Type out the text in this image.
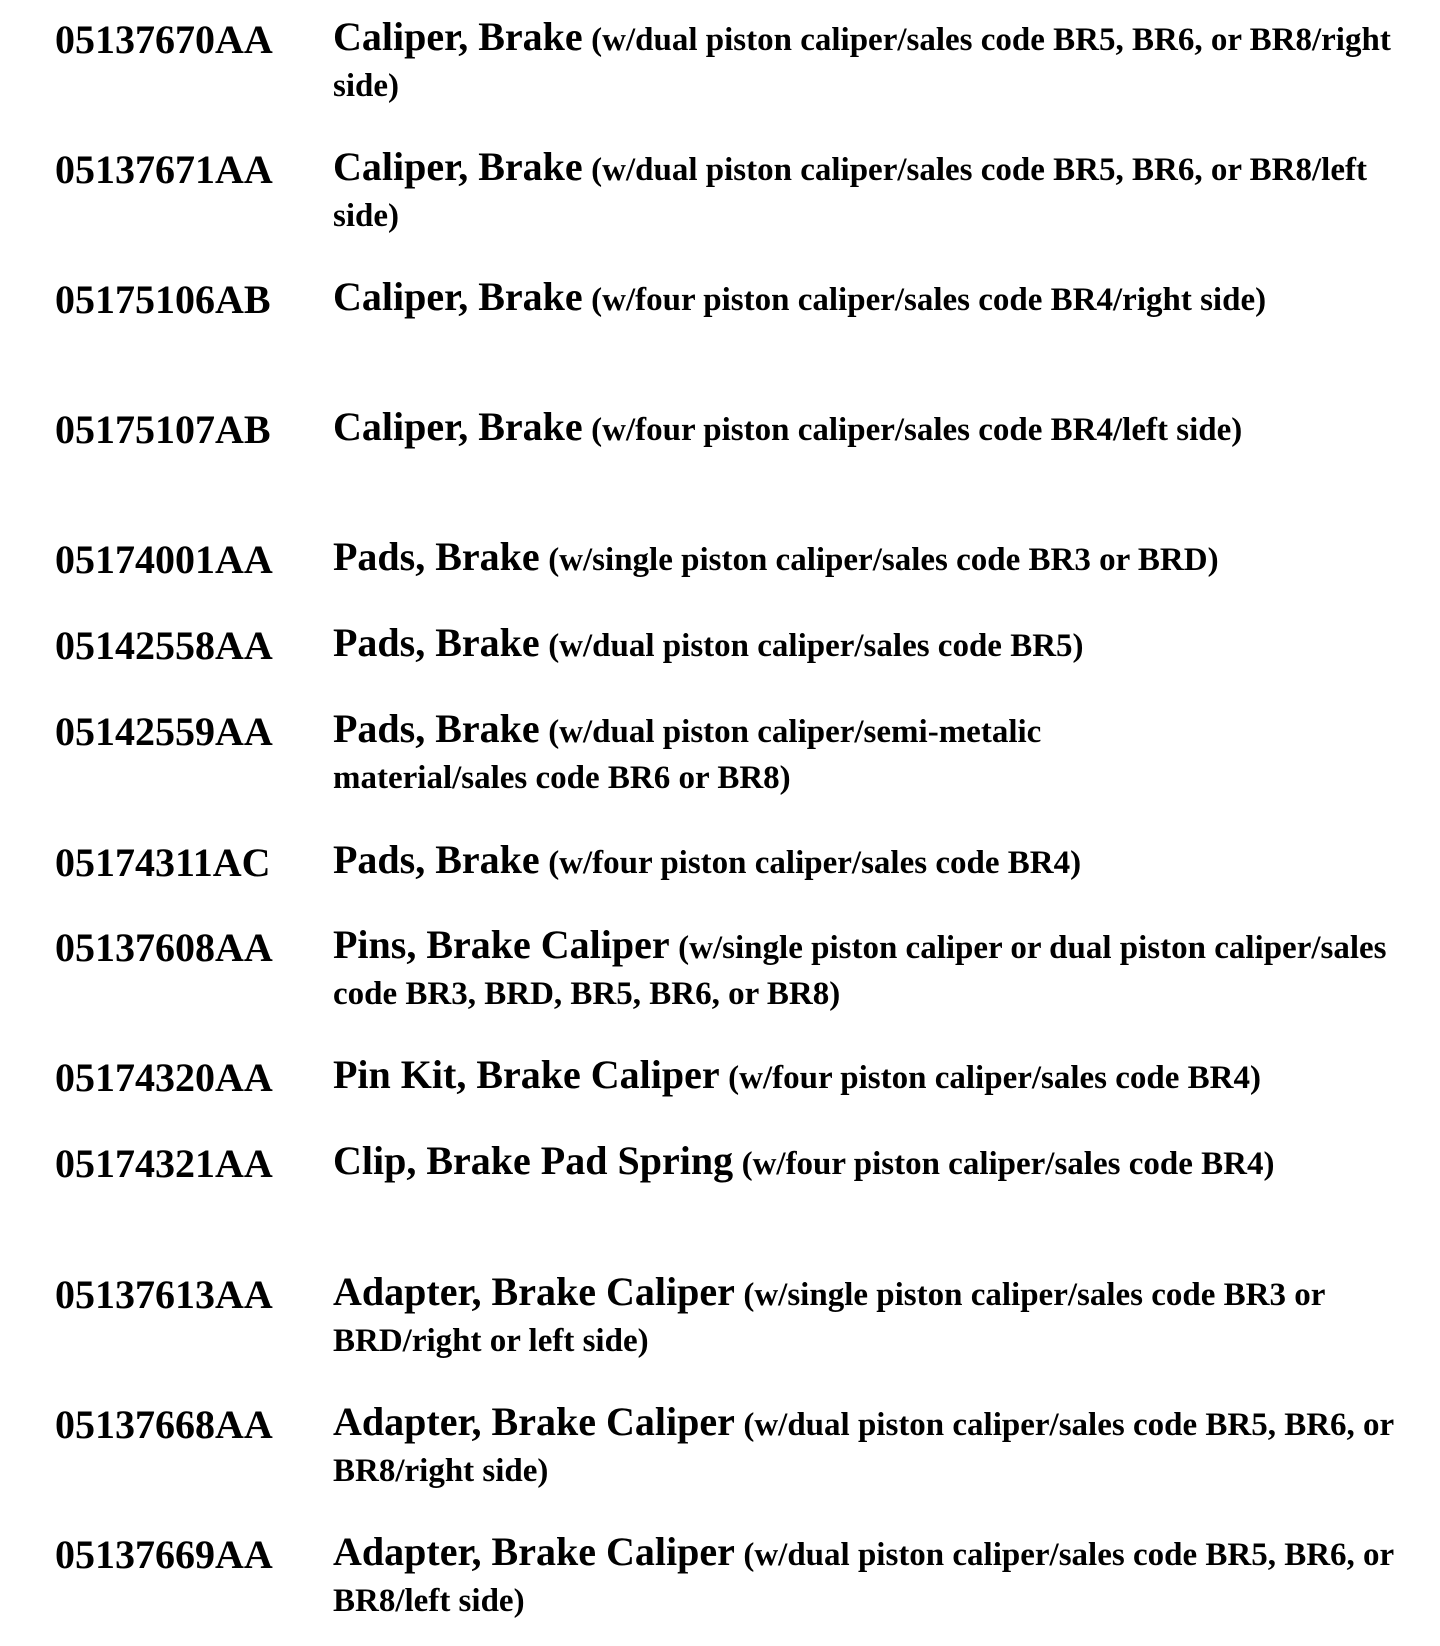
05137670AA Caliper, Brake (w/dual piston caliper/sales code BR5, BR6, or BR8/right side)
05137671AA Caliper, Brake (w/dual piston caliper/sales code BR5, BR6, or BR8/left side)
05175106AB Caliper, Brake (w/four piston caliper/sales code BR4/right side)
05175107AB Caliper, Brake (w/four piston caliper/sales code BR4/left side)
05174001AA Pads, Brake (w/single piston caliper/sales code BR3 or BRD)
05142558AA Pads, Brake (w/dual piston caliper/sales code BR5)
05142559AA Pads, Brake (w/dual piston caliper/semi-metalic material/sales code BR6 or BR8)
05174311AC Pads, Brake (w/four piston caliper/sales code BR4)
05137608AA Pins, Brake Caliper (w/single piston caliper or dual piston caliper/sales code BR3, BRD, BR5, BR6, or BR8)
05174320AA Pin Kit, Brake Caliper (w/four piston caliper/sales code BR4)
05174321AA Clip, Brake Pad Spring (w/four piston caliper/sales code BR4)
05137613AA Adapter, Brake Caliper (w/single piston caliper/sales code BR3 or BRD/right or left side)
05137668AA Adapter, Brake Caliper (w/dual piston caliper/sales code BR5, BR6, or BR8/right side)
05137669AA Adapter, Brake Caliper (w/dual piston caliper/sales code BR5, BR6, or BR8/left side)
